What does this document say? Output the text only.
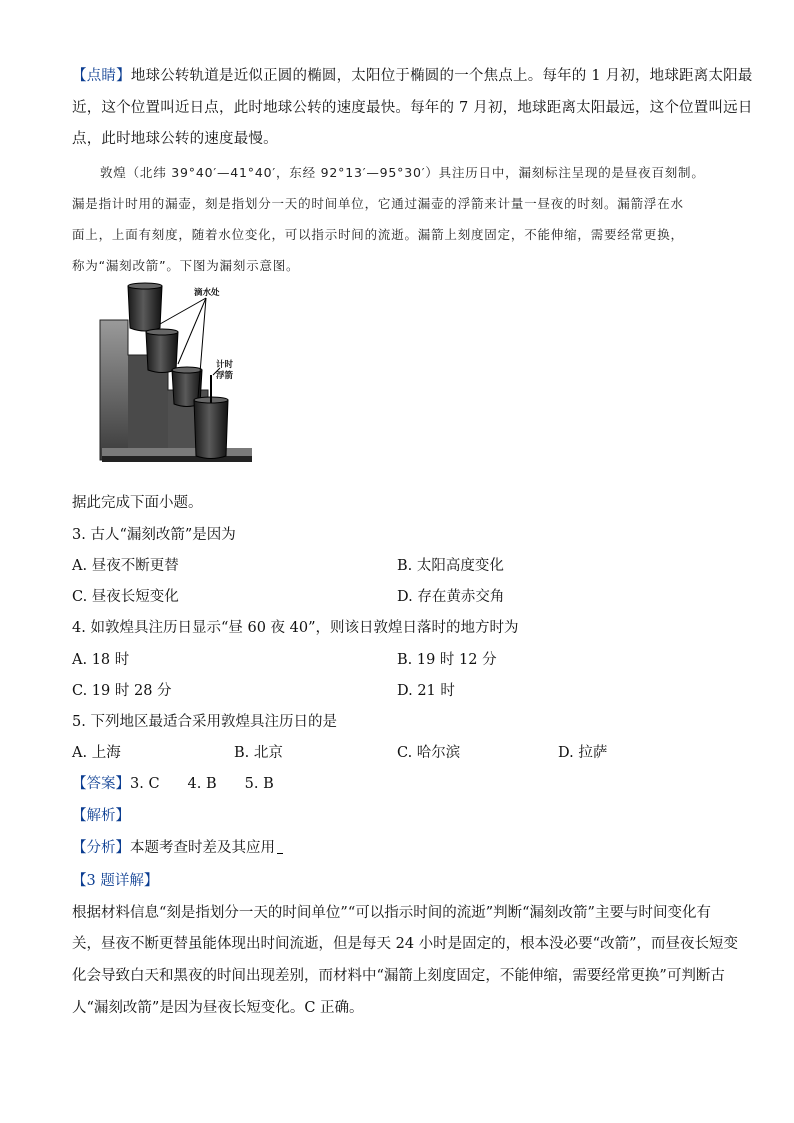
【点睛】地球公转轨道是近似正圆的椭圆，太阳位于椭圆的一个焦点上。每年的 1 月初，地球距离太阳最
近，这个位置叫近日点，此时地球公转的速度最快。每年的 7 月初，地球距离太阳最远，这个位置叫远日
点，此时地球公转的速度最慢。
敦煌（北纬 39°40′—41°40′，东经 92°13′—95°30′）具注历日中，漏刻标注呈现的是昼夜百刻制。
漏是指计时用的漏壶，刻是指划分一天的时间单位，它通过漏壶的浮箭来计量一昼夜的时刻。漏箭浮在水
面上，上面有刻度，随着水位变化，可以指示时间的流逝。漏箭上刻度固定，不能伸缩，需要经常更换，
称为“漏刻改箭”。下图为漏刻示意图。
滴水处
计时
浮箭
据此完成下面小题。
3. 古人“漏刻改箭”是因为
A. 昼夜不断更替	B. 太阳高度变化
C. 昼夜长短变化	D. 存在黄赤交角
4. 如敦煌具注历日显示“昼 60 夜 40”，则该日敦煌日落时的地方时为
A. 18 时	B. 19 时 12 分
C. 19 时 28 分	D. 21 时
5. 下列地区最适合采用敦煌具注历日的是
A. 上海	B. 北京	C. 哈尔滨	D. 拉萨
【答案】3. C 4. B 5. B
【解析】
【分析】本题考查时差及其应用
【3 题详解】
根据材料信息“刻是指划分一天的时间单位”“可以指示时间的流逝”判断“漏刻改箭”主要与时间变化有
关，昼夜不断更替虽能体现出时间流逝，但是每天 24 小时是固定的，根本没必要“改箭”，而昼夜长短变
化会导致白天和黑夜的时间出现差别，而材料中“漏箭上刻度固定，不能伸缩，需要经常更换”可判断古
人“漏刻改箭”是因为昼夜长短变化。C 正确。
